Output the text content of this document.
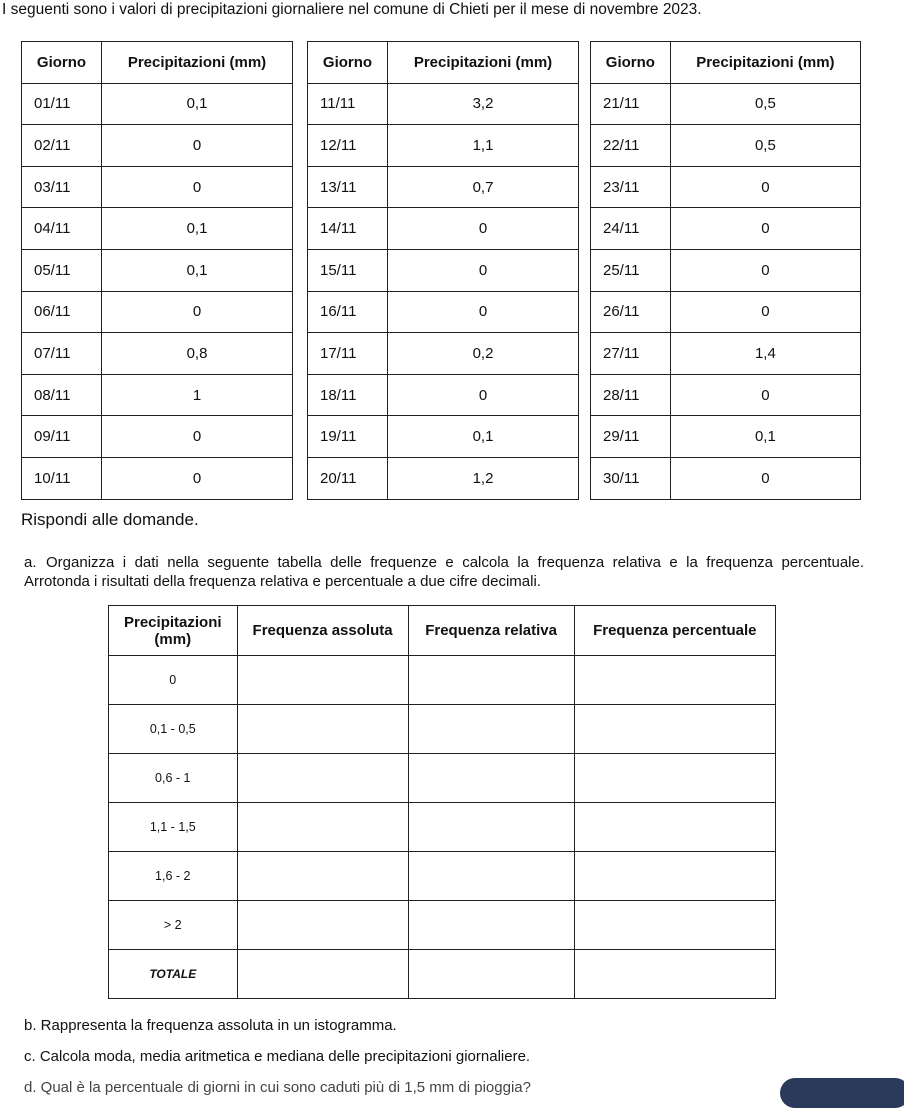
I seguenti sono i valori di precipitazioni giornaliere nel comune di Chieti per il mese di novembre 2023.
Giorno	Precipitazioni (mm)
01/11	0,1
02/11	0
03/11	0
04/11	0,1
05/11	0,1
06/11	0
07/11	0,8
08/11	1
09/11	0
10/11	0
Giorno	Precipitazioni (mm)
11/11	3,2
12/11	1,1
13/11	0,7
14/11	0
15/11	0
16/11	0
17/11	0,2
18/11	0
19/11	0,1
20/11	1,2
Giorno	Precipitazioni (mm)
21/11	0,5
22/11	0,5
23/11	0
24/11	0
25/11	0
26/11	0
27/11	1,4
28/11	0
29/11	0,1
30/11	0
Rispondi alle domande.
a. Organizza i dati nella seguente tabella delle frequenze e calcola la frequenza relativa e la frequenza percentuale. Arrotonda i risultati della frequenza relativa e percentuale a due cifre decimali.
Precipitazioni (mm)	Frequenza assoluta	Frequenza relativa	Frequenza percentuale
0			
0,1 - 0,5			
0,6 - 1			
1,1 - 1,5			
1,6 - 2			
> 2			
TOTALE			
b. Rappresenta la frequenza assoluta in un istogramma.
c. Calcola moda, media aritmetica e mediana delle precipitazioni giornaliere.
d. Qual è la percentuale di giorni in cui sono caduti più di 1,5 mm di pioggia?
